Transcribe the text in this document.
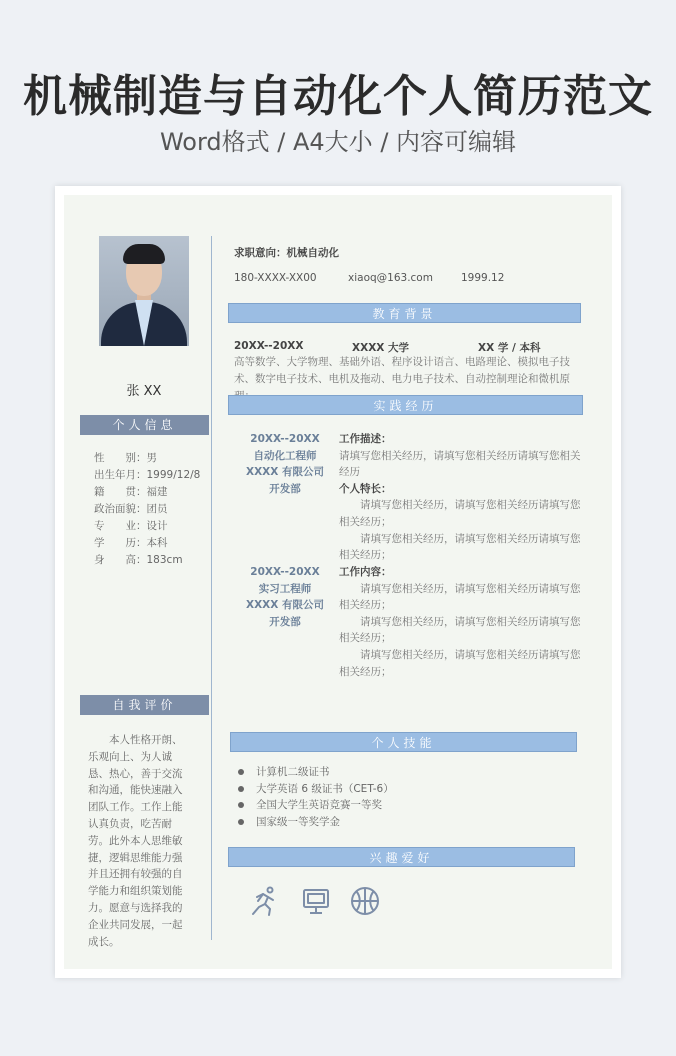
机械制造与自动化个人简历范文
Word格式 / A4大小 / 内容可编辑
张 XX
个人信息
性　　别：男
出生年月：1999/12/8
籍　　贯：福建
政治面貌：团员
专　　业：设计
学　　历：本科
身　　高：183cm
自我评价
本人性格开朗、乐观向上、为人诚恳、热心，善于交流和沟通，能快速融入团队工作。工作上能认真负责，吃苦耐劳。此外本人思维敏捷，逻辑思维能力强并且还拥有较强的自学能力和组织策划能力。愿意与选择我的企业共同发展，一起成长。
求职意向：机械自动化
180-XXXX-XX00	xiaoq@163.com	1999.12
教育背景
20XX--20XX	XXXX 大学	XX 学 / 本科
高等数学、大学物理、基础外语、程序设计语言、电路理论、模拟电子技术、数字电子技术、电机及拖动、电力电子技术、自动控制理论和微机原
实践经历
20XX--20XX
自动化工程师
XXXX 有限公司
开发部
工作描述：
请填写您相关经历，请填写您相关经历请填写您相关经历
个人特长：
请填写您相关经历，请填写您相关经历请填写您相关经历；
请填写您相关经历，请填写您相关经历请填写您相关经历；
20XX--20XX
实习工程师
XXXX 有限公司
开发部
工作内容：
请填写您相关经历，请填写您相关经历请填写您相关经历；
请填写您相关经历，请填写您相关经历请填写您相关经历；
请填写您相关经历，请填写您相关经历请填写您相关经历；
个人技能
计算机二级证书
大学英语 6 级证书（CET-6）
全国大学生英语竞赛一等奖
国家级一等奖学金
兴趣爱好
